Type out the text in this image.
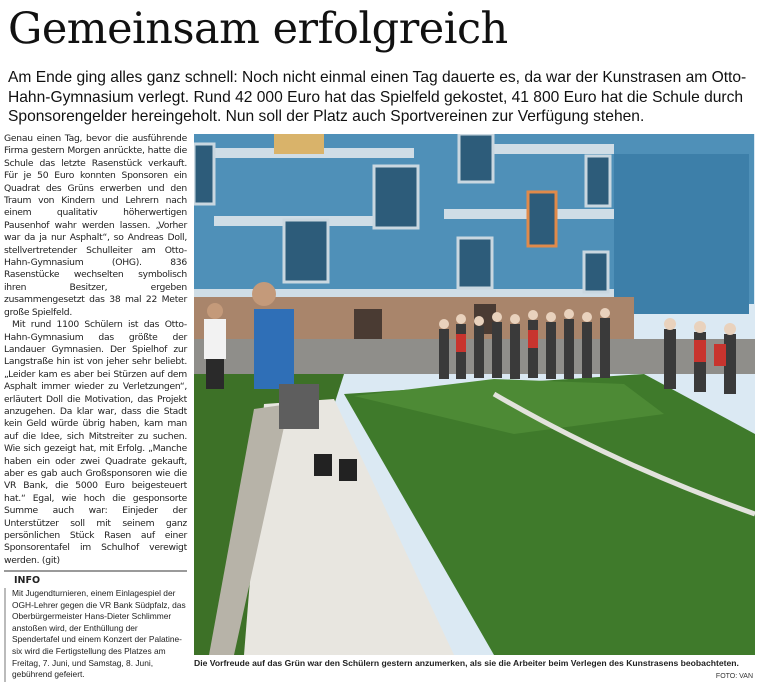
Gemeinsam erfolgreich

Am Ende ging alles ganz schnell: Noch nicht einmal einen Tag dauerte es, da war der Kunstrasen am Otto-Hahn-Gymnasium verlegt. Rund 42 000 Euro hat das Spielfeld gekostet, 41 800 Euro hat die Schule durch Sponsorengelder hereingeholt. Nun soll der Platz auch Sportvereinen zur Verfügung stehen.

Genau einen Tag, bevor die ausführende Firma gestern Morgen anrückte, hatte die Schule das letzte Rasenstück verkauft. Für je 50 Euro konnten Sponsoren ein Quadrat des Grüns erwerben und den Traum von Kindern und Lehrern nach einem qualitativ höherwertigen Pausenhof wahr werden lassen. „Vorher war da ja nur Asphalt“, so Andreas Doll, stellvertretender Schulleiter am Otto-Hahn-Gymnasium (OHG). 836 Rasenstücke wechselten symbolisch ihren Besitzer, ergeben zusammengesetzt das 38 mal 22 Meter große Spielfeld.

Mit rund 1100 Schülern ist das Otto-Hahn-Gymnasium das größte der Landauer Gymnasien. Der Spielhof zur Langstraße hin ist von jeher sehr beliebt. „Leider kam es aber bei Stürzen auf dem Asphalt immer wieder zu Verletzungen“, erläutert Doll die Motivation, das Projekt anzugehen. Da klar war, dass die Stadt kein Geld würde übrig haben, kam man auf die Idee, sich Mitstreiter zu suchen. Wie sich gezeigt hat, mit Erfolg. „Manche haben ein oder zwei Quadrate gekauft, aber es gab auch Großsponsoren wie die VR Bank, die 5000 Euro beigesteuert hat.“ Egal, wie hoch die gesponsorte Summe auch war: Einjeder der Unterstützer soll mit seinem ganz persönlichen Stück Rasen auf einer Sponsorentafel im Schulhof verewigt werden. (git)

INFO
Mit Jugendturnieren, einem Einlagespiel der OGH-Lehrer gegen die VR Bank Südpfalz, das Oberbürgermeister Hans-Dieter Schlimmer anstoßen wird, der Enthüllung der Spendertafel und einem Konzert der Palatine-six wird die Fertigstellung des Platzes am Freitag, 7. Juni, und Samstag, 8. Juni, gebührend gefeiert.

Die Vorfreude auf das Grün war den Schülern gestern anzumerken, als sie die Arbeiter beim Verlegen des Kunstrasens beobachteten.

FOTO: VAN
